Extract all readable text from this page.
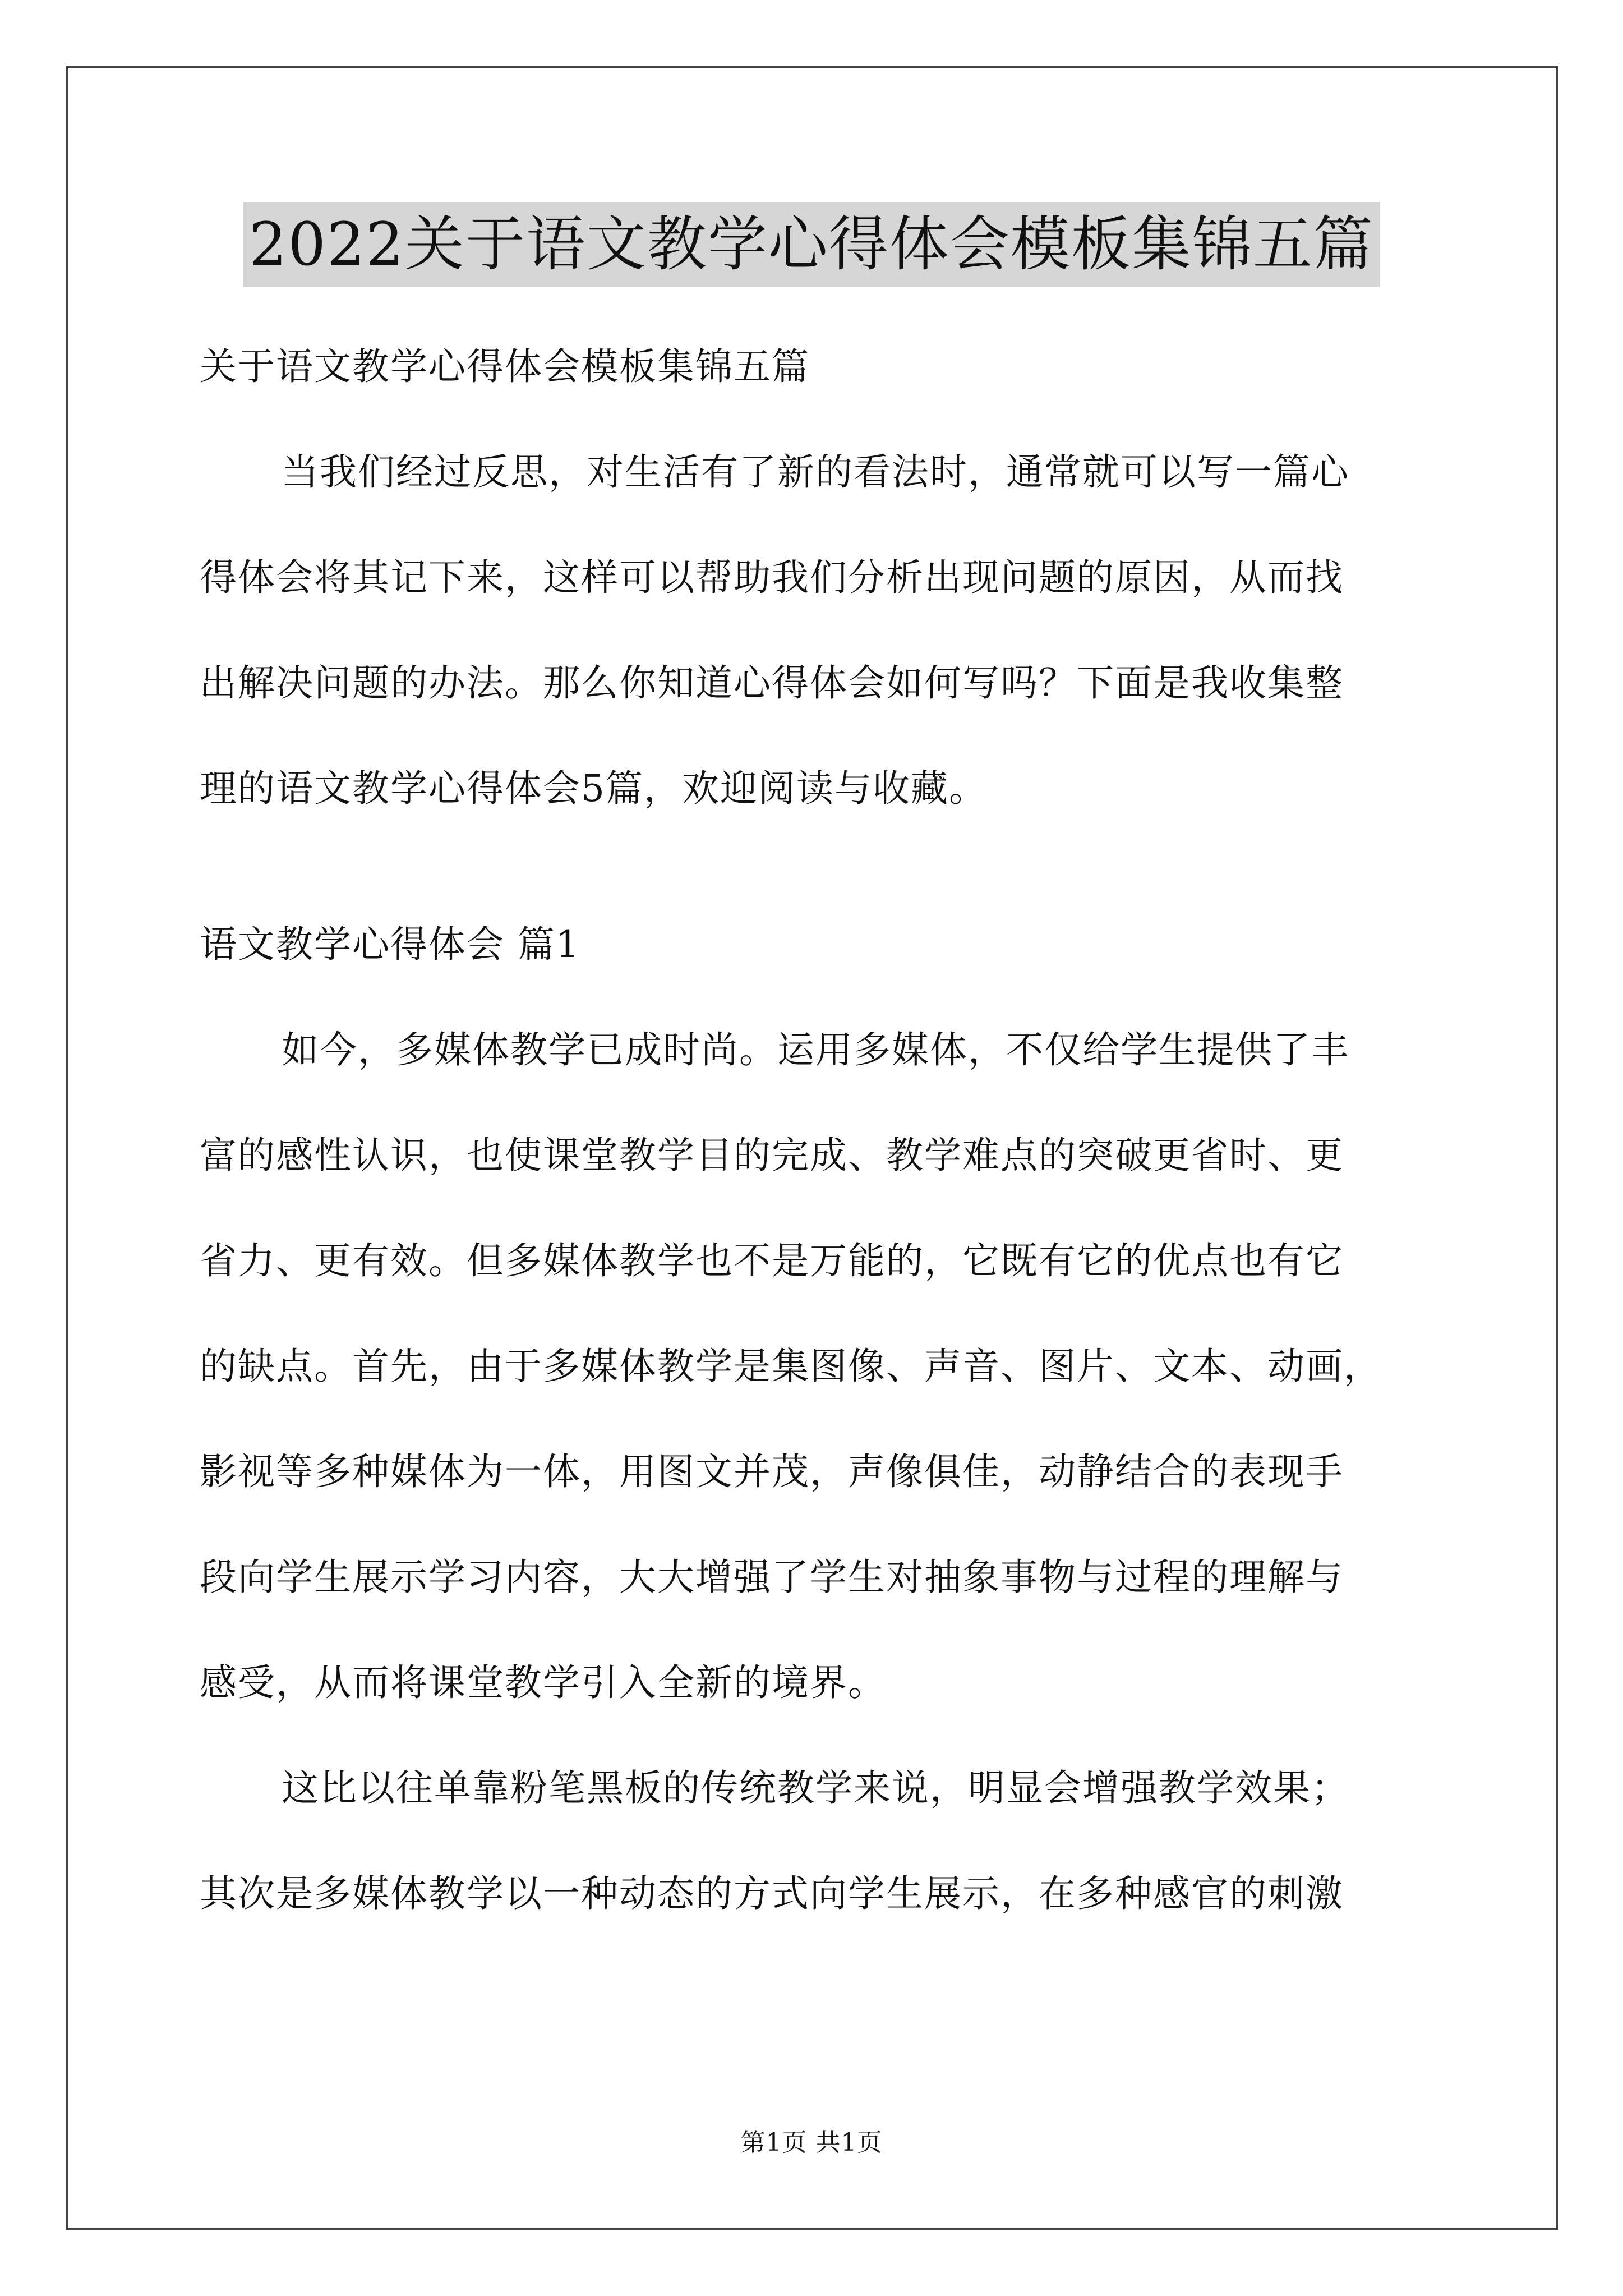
2022关于语文教学心得体会模板集锦五篇

关于语文教学心得体会模板集锦五篇

当我们经过反思，对生活有了新的看法时，通常就可以写一篇心

得体会将其记下来，这样可以帮助我们分析出现问题的原因，从而找

出解决问题的办法。那么你知道心得体会如何写吗？下面是我收集整

理的语文教学心得体会5篇，欢迎阅读与收藏。

语文教学心得体会 篇1

如今，多媒体教学已成时尚。运用多媒体，不仅给学生提供了丰

富的感性认识，也使课堂教学目的完成、教学难点的突破更省时、更

省力、更有效。但多媒体教学也不是万能的，它既有它的优点也有它

的缺点。首先，由于多媒体教学是集图像、声音、图片、文本、动画，

影视等多种媒体为一体，用图文并茂，声像俱佳，动静结合的表现手

段向学生展示学习内容，大大增强了学生对抽象事物与过程的理解与

感受，从而将课堂教学引入全新的境界。

这比以往单靠粉笔黑板的传统教学来说，明显会增强教学效果；

其次是多媒体教学以一种动态的方式向学生展示，在多种感官的刺激

第1页 共1页
